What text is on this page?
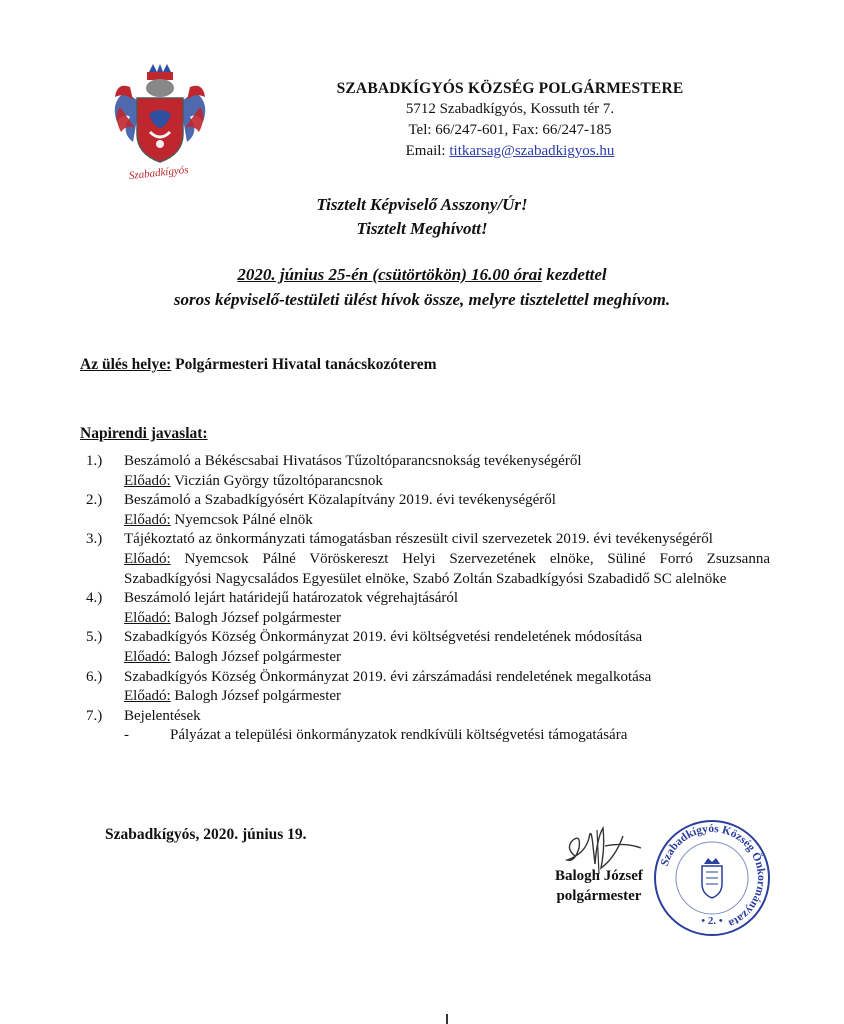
Szabadkígyós
SZABADKÍGYÓS KÖZSÉG POLGÁRMESTERE
5712 Szabadkígyós, Kossuth tér 7.
Tel: 66/247-601, Fax: 66/247-185
Email: titkarsag@szabadkigyos.hu
Tisztelt Képviselő Asszony/Úr!
Tisztelt Meghívott!
2020. június 25-én (csütörtökön) 16.00 órai kezdettel
soros képviselő-testületi ülést hívok össze, melyre tisztelettel meghívom.
Az ülés helye: Polgármesteri Hivatal tanácskozóterem
Napirendi javaslat:
1.) Beszámoló a Békéscsabai Hivatásos Tűzoltóparancsnokság tevékenységéről
Előadó: Viczián György tűzoltóparancsnok
2.) Beszámoló a Szabadkígyósért Közalapítvány 2019. évi tevékenységéről
Előadó: Nyemcsok Pálné elnök
3.) Tájékoztató az önkormányzati támogatásban részesült civil szervezetek 2019. évi tevékenységéről
Előadó: Nyemcsok Pálné Vöröskereszt Helyi Szervezetének elnöke, Süliné Forró Zsuzsanna Szabadkígyósi Nagycsaládos Egyesület elnöke, Szabó Zoltán Szabadkígyósi Szabadidő SC alelnöke
4.) Beszámoló lejárt határidejű határozatok végrehajtásáról
Előadó: Balogh József polgármester
5.) Szabadkígyós Község Önkormányzat 2019. évi költségvetési rendeletének módosítása
Előadó: Balogh József polgármester
6.) Szabadkígyós Község Önkormányzat 2019. évi zárszámadási rendeletének megalkotása
Előadó: Balogh József polgármester
7.) Bejelentések
-	Pályázat a települési önkormányzatok rendkívüli költségvetési támogatására
Szabadkígyós, 2020. június 19.
Balogh József
polgármester
Szabadkígyós Község Önkormányzata
• 2. •
